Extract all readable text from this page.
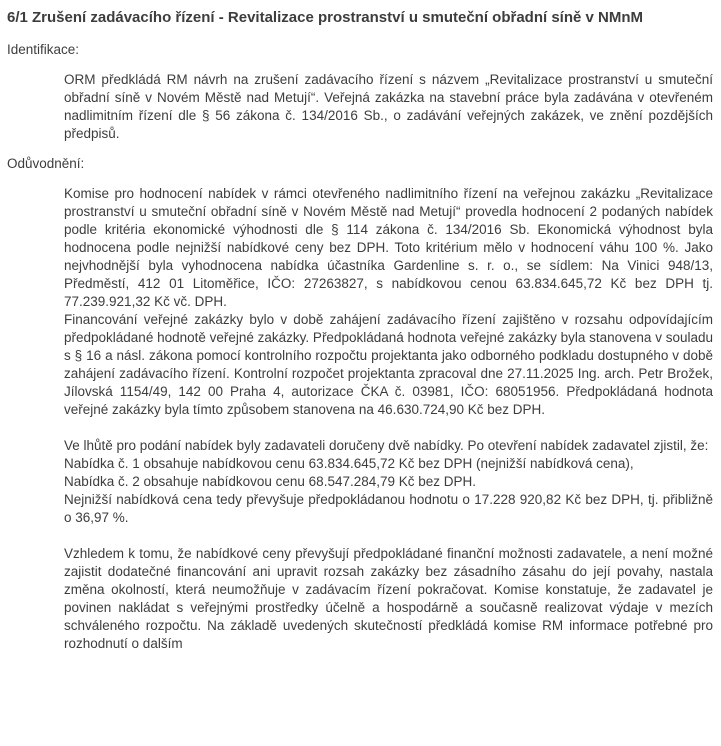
6/1 Zrušení zadávacího řízení - Revitalizace prostranství u smuteční obřadní síně v NMnM
Identifikace:

ORM předkládá RM návrh na zrušení zadávacího řízení s názvem „Revitalizace prostranství u smuteční obřadní síně v Novém Městě nad Metují“. Veřejná zakázka na stavební práce byla zadávána v otevřeném nadlimitním řízení dle § 56 zákona č. 134/2016 Sb., o zadávání veřejných zakázek, ve znění pozdějších předpisů.

Odůvodnění:

Komise pro hodnocení nabídek v rámci otevřeného nadlimitního řízení na veřejnou zakázku „Revitalizace prostranství u smuteční obřadní síně v Novém Městě nad Metují“ provedla hodnocení 2 podaných nabídek podle kritéria ekonomické výhodnosti dle § 114 zákona č. 134/2016 Sb. Ekonomická výhodnost byla hodnocena podle nejnižší nabídkové ceny bez DPH. Toto kritérium mělo v hodnocení váhu 100 %. Jako nejvhodnější byla vyhodnocena nabídka účastníka Gardenline s. r. o., se sídlem: Na Vinici 948/13, Předměstí, 412 01 Litoměřice, IČO: 27263827, s nabídkovou cenou 63.834.645,72 Kč bez DPH tj. 77.239.921,32 Kč vč. DPH.

Financování veřejné zakázky bylo v době zahájení zadávacího řízení zajištěno v rozsahu odpovídajícím předpokládané hodnotě veřejné zakázky. Předpokládaná hodnota veřejné zakázky byla stanovena v souladu s § 16 a násl. zákona pomocí kontrolního rozpočtu projektanta jako odborného podkladu dostupného v době zahájení zadávacího řízení. Kontrolní rozpočet projektanta zpracoval dne 27.11.2025 Ing. arch. Petr Brožek, Jílovská 1154/49, 142 00 Praha 4, autorizace ČKA č. 03981, IČO: 68051956. Předpokládaná hodnota veřejné zakázky byla tímto způsobem stanovena na 46.630.724,90 Kč bez DPH.

Ve lhůtě pro podání nabídek byly zadavateli doručeny dvě nabídky. Po otevření nabídek zadavatel zjistil, že:

Nabídka č. 1 obsahuje nabídkovou cenu 63.834.645,72 Kč bez DPH (nejnižší nabídková cena),

Nabídka č. 2 obsahuje nabídkovou cenu 68.547.284,79 Kč bez DPH.

Nejnižší nabídková cena tedy převyšuje předpokládanou hodnotu o 17.228 920,82 Kč bez DPH, tj. přibližně o 36,97 %.

Vzhledem k tomu, že nabídkové ceny převyšují předpokládané finanční možnosti zadavatele, a není možné zajistit dodatečné financování ani upravit rozsah zakázky bez zásadního zásahu do její povahy, nastala změna okolností, která neumožňuje v zadávacím řízení pokračovat. Komise konstatuje, že zadavatel je povinen nakládat s veřejnými prostředky účelně a hospodárně a současně realizovat výdaje v mezích schváleného rozpočtu. Na základě uvedených skutečností předkládá komise RM informace potřebné pro rozhodnutí o dalším
